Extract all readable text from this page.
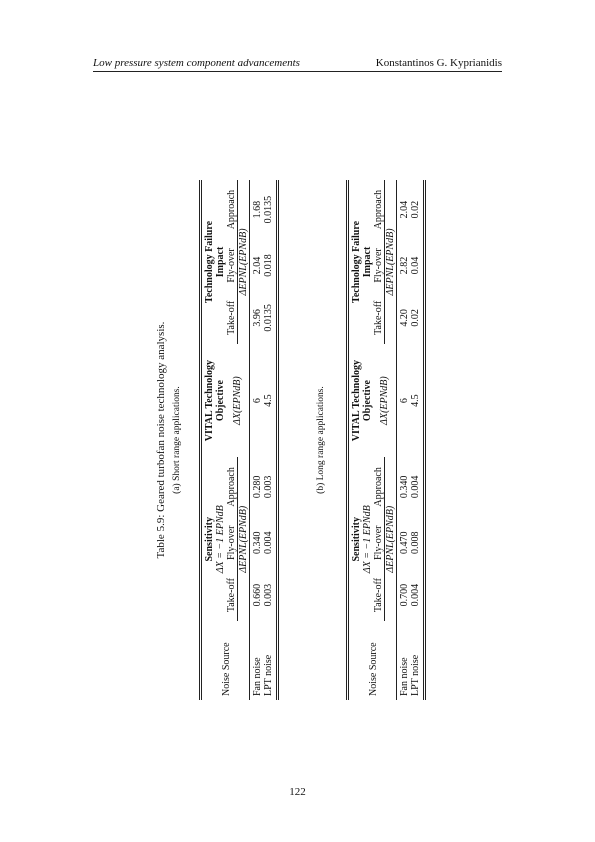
Low pressure system component advancements	Konstantinos G. Kyprianidis
Table 5.9: Geared turbofan noise technology analysis. (a) Short range applications.
Noise Source	Sensitivity			VITAL Technology	Technology Failure		
	ΔX = −1 EPNdB			Objective	Impact		
	Take-off	Fly-over	Approach	ΔX(EPNdB)	Take-off	Fly-over	Approach
	ΔEPNL(EPNdB)				ΔEPNL(EPNdB)		
Fan noise	0.660	0.340	0.280	6	3.96	2.04	1.68
LPT noise	0.003	0.004	0.003	4.5	0.0135	0.018	0.0135
(b) Long range applications.
Noise Source	Sensitivity			VITAL Technology	Technology Failure		
	ΔX = −1 EPNdB			Objective	Impact		
	Take-off	Fly-over	Approach	ΔX(EPNdB)	Take-off	Fly-over	Approach
	ΔEPNL(EPNdB)				ΔEPNL(EPNdB)		
Fan noise	0.700	0.470	0.340	6	4.20	2.82	2.04
LPT noise	0.004	0.008	0.004	4.5	0.02	0.04	0.02
122
